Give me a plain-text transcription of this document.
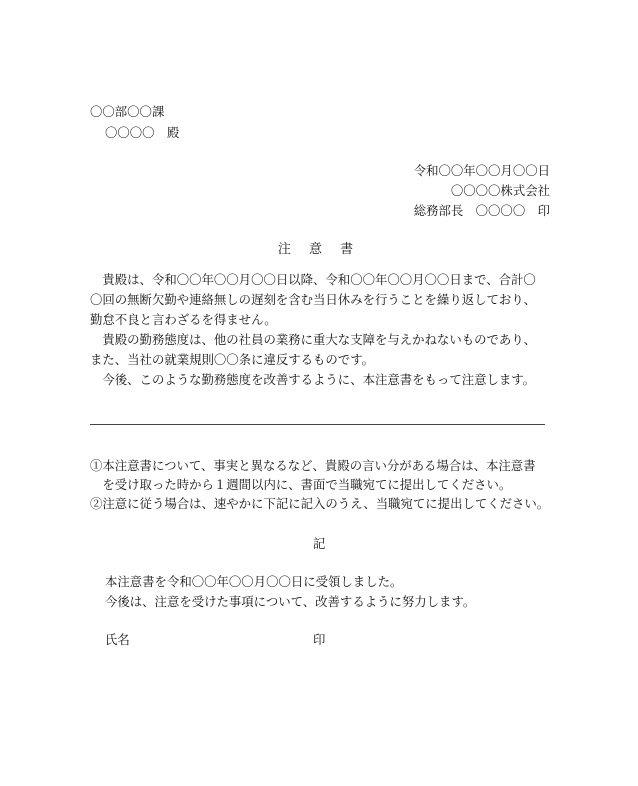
〇〇部〇〇課
〇〇〇〇　殿
令和〇〇年〇〇月〇〇日
〇〇〇〇株式会社
総務部長　〇〇〇〇　印
注 意 書
　貴殿は、令和〇〇年〇〇月〇〇日以降、令和〇〇年〇〇月〇〇日まで、合計〇
〇回の無断欠勤や連絡無しの遅刻を含む当日休みを行うことを繰り返しており、
勤怠不良と言わざるを得ません。
　貴殿の勤務態度は、他の社員の業務に重大な支障を与えかねないものであり、
また、当社の就業規則〇〇条に違反するものです。
　今後、このような勤務態度を改善するように、本注意書をもって注意します。
①本注意書について、事実と異なるなど、貴殿の言い分がある場合は、本注意書
　を受け取った時から１週間以内に、書面で当職宛てに提出してください。
②注意に従う場合は、速やかに下記に記入のうえ、当職宛てに提出してください。
記
本注意書を令和〇〇年〇〇月〇〇日に受領しました。
今後は、注意を受けた事項について、改善するように努力します。
氏名	印
